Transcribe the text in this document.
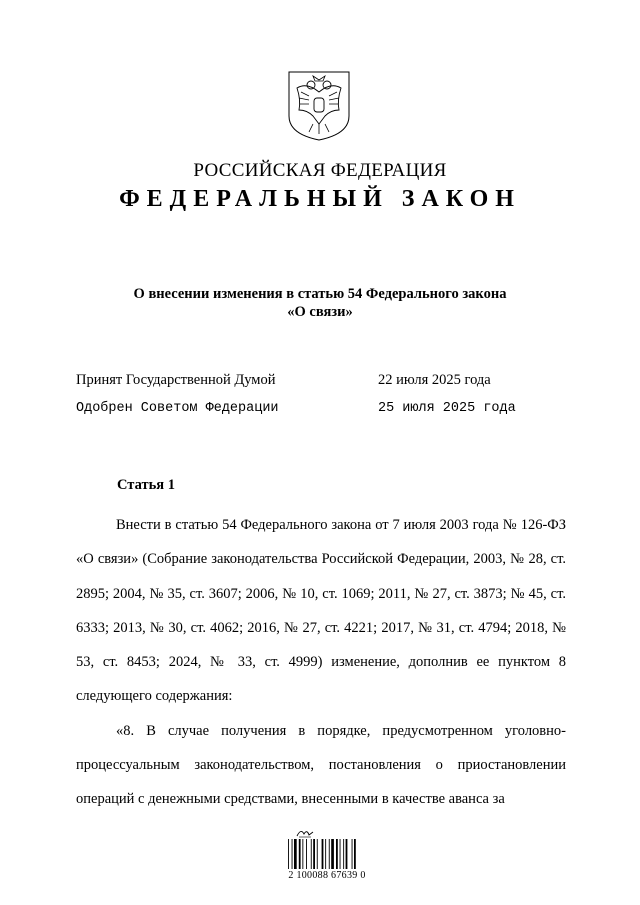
РОССИЙСКАЯ ФЕДЕРАЦИЯ
ФЕДЕРАЛЬНЫЙ ЗАКОН
О внесении изменения в статью 54 Федерального закона
«О связи»
Принят Государственной Думой	22 июля 2025 года
Одобрен Советом Федерации	25 июля 2025 года
Статья 1

Внести в статью 54 Федерального закона от 7 июля 2003 года № 126-ФЗ «О связи» (Собрание законодательства Российской Федерации, 2003, № 28, ст. 2895; 2004, № 35, ст. 3607; 2006, № 10, ст. 1069; 2011, № 27, ст. 3873; № 45, ст. 6333; 2013, № 30, ст. 4062; 2016, № 27, ст. 4221; 2017, № 31, ст. 4794; 2018, № 53, ст. 8453; 2024, № 33, ст. 4999) изменение, дополнив ее пунктом 8 следующего содержания:

«8. В случае получения в порядке, предусмотренном уголовно-процессуальным законодательством, постановления о приостановлении операций с денежными средствами, внесенными в качестве аванса за

2 100088 67639 0
